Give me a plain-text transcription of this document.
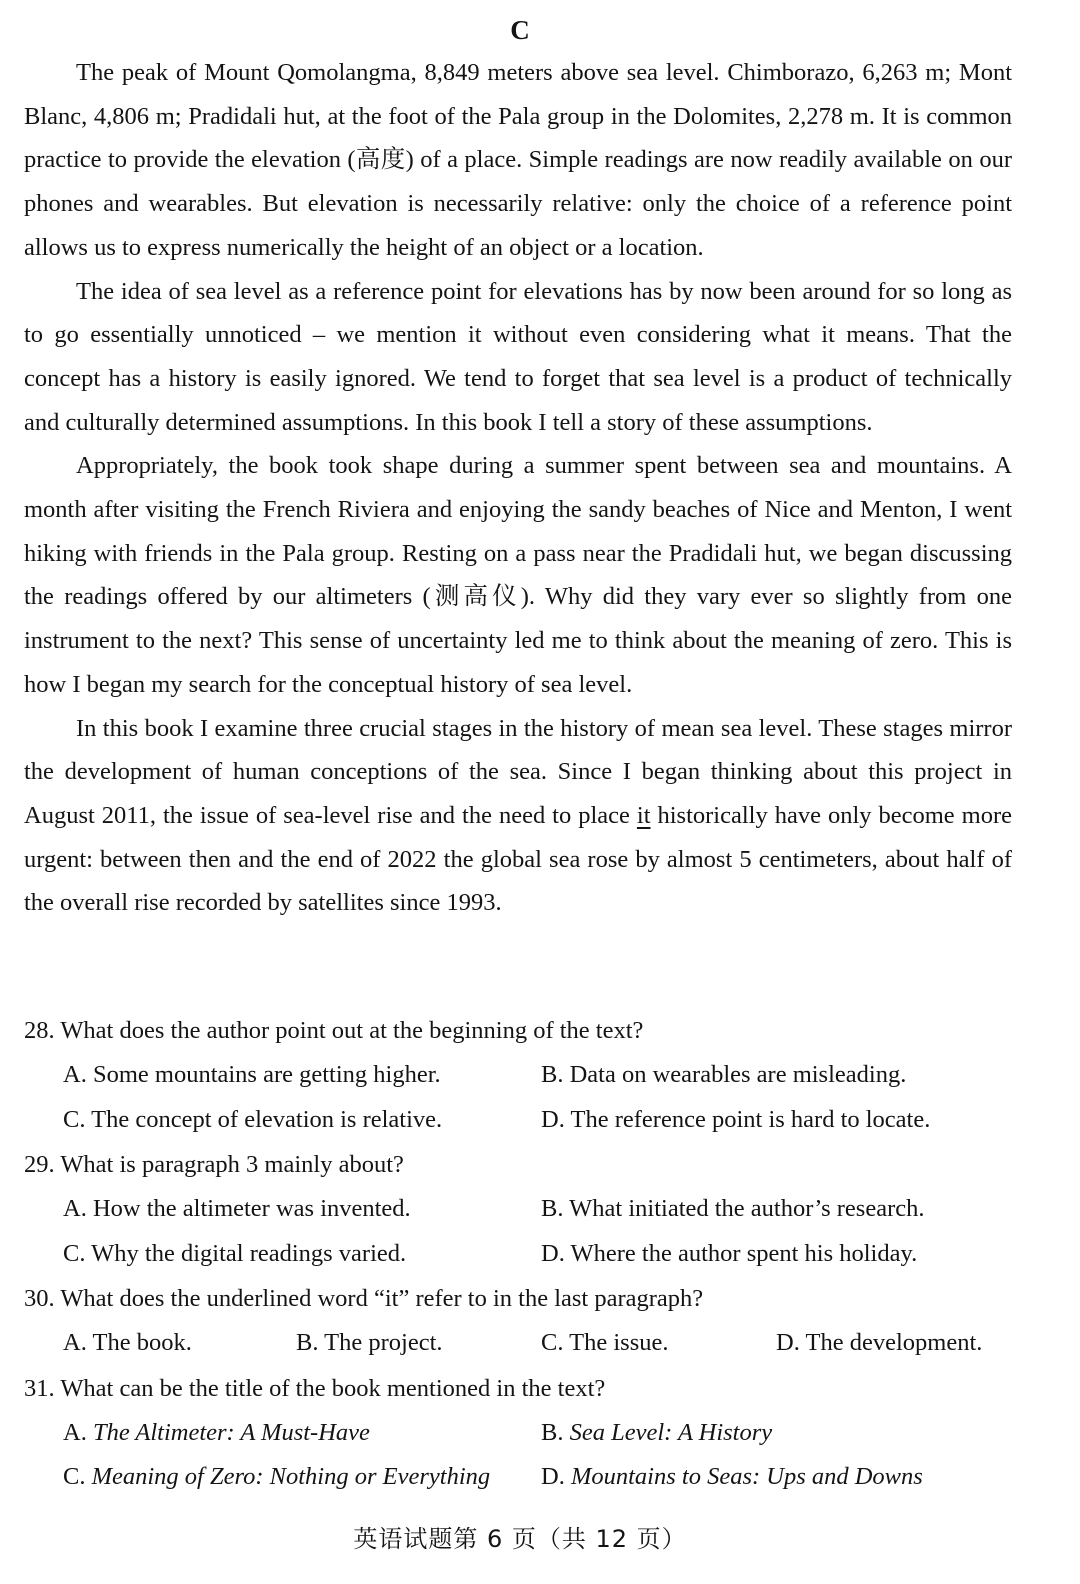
C

The peak of Mount Qomolangma, 8,849 meters above sea level. Chimborazo, 6,263 m; Mont Blanc, 4,806 m; Pradidali hut, at the foot of the Pala group in the Dolomites, 2,278 m. It is common practice to provide the elevation (高度) of a place. Simple readings are now readily available on our phones and wearables. But elevation is necessarily relative: only the choice of a reference point allows us to express numerically the height of an object or a location.

The idea of sea level as a reference point for elevations has by now been around for so long as to go essentially unnoticed – we mention it without even considering what it means. That the concept has a history is easily ignored. We tend to forget that sea level is a product of technically and culturally determined assumptions. In this book I tell a story of these assumptions.

Appropriately, the book took shape during a summer spent between sea and mountains. A month after visiting the French Riviera and enjoying the sandy beaches of Nice and Menton, I went hiking with friends in the Pala group. Resting on a pass near the Pradidali hut, we began discussing the readings offered by our altimeters (测高仪). Why did they vary ever so slightly from one instrument to the next? This sense of uncertainty led me to think about the meaning of zero. This is how I began my search for the conceptual history of sea level.

In this book I examine three crucial stages in the history of mean sea level. These stages mirror the development of human conceptions of the sea. Since I began thinking about this project in August 2011, the issue of sea-level rise and the need to place it historically have only become more urgent: between then and the end of 2022 the global sea rose by almost 5 centimeters, about half of the overall rise recorded by satellites since 1993.

28. What does the author point out at the beginning of the text?
A. Some mountains are getting higher.	B. Data on wearables are misleading.
C. The concept of elevation is relative.	D. The reference point is hard to locate.
29. What is paragraph 3 mainly about?
A. How the altimeter was invented.	B. What initiated the author’s research.
C. Why the digital readings varied.	D. Where the author spent his holiday.
30. What does the underlined word “it” refer to in the last paragraph?
A. The book.	B. The project.	C. The issue.	D. The development.
31. What can be the title of the book mentioned in the text?
A. The Altimeter: A Must-Have	B. Sea Level: A History
C. Meaning of Zero: Nothing or Everything	D. Mountains to Seas: Ups and Downs
英语试题第 6 页（共 12 页）
